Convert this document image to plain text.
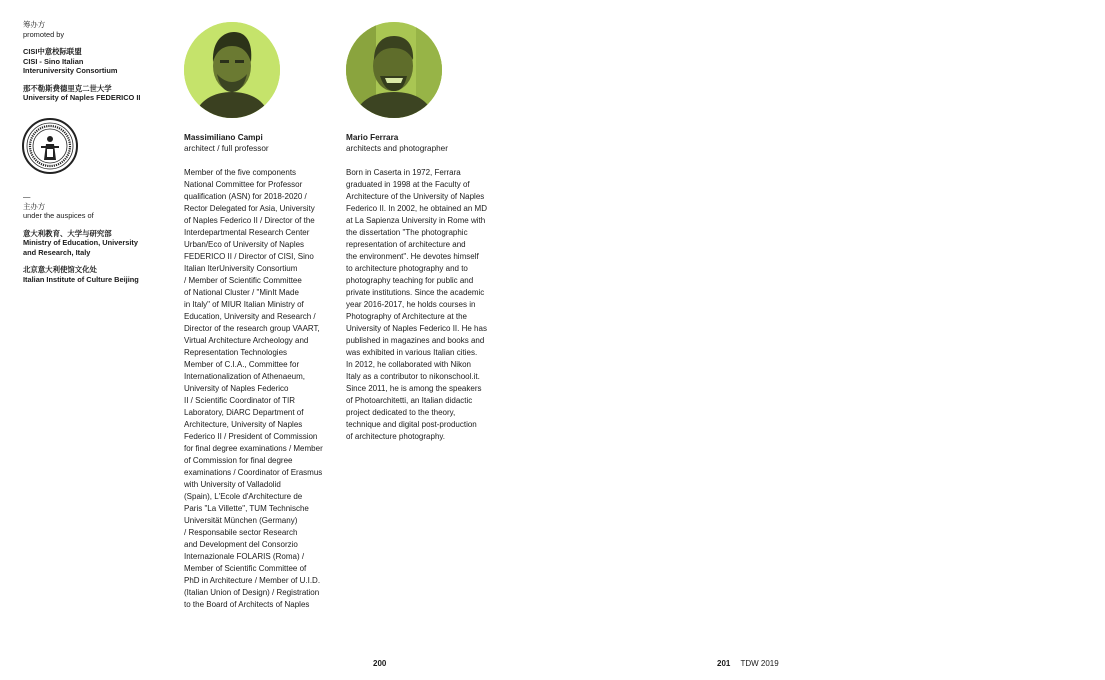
筹办方
promoted by
CISI中意校际联盟
CISI - Sino Italian
Interuniversity Consortium
那不勒斯费德里克二世大学
University of Naples FEDERICO II
—
主办方
under the auspices of
意大利教育、大学与研究部
Ministry of Education, University
and Research, Italy
北京意大利使馆文化处
Italian Institute of Culture Beijing
Massimiliano Campi
architect / full professor
Member of the five components
National Committee for Professor
qualification (ASN) for 2018-2020 /
Rector Delegated for Asia, University
of Naples Federico II / Director of the
Interdepartmental Research Center
Urban/Eco of University of Naples
FEDERICO II / Director of CISI, Sino
Italian IterUniversity Consortium
/ Member of Scientific Committee
of National Cluster / "MinIt Made
in Italy" of MIUR Italian Ministry of
Education, University and Research /
Director of the research group VAART,
Virtual Architecture Archeology and
Representation Technologies
Member of C.I.A., Committee for
Internationalization of Athenaeum,
University of Naples Federico
II / Scientific Coordinator of TIR
Laboratory, DiARC Department of
Architecture, University of Naples
Federico II / President of Commission
for final degree examinations / Member
of Commission for final degree
examinations / Coordinator of Erasmus
with University of Valladolid
(Spain), L'Ecole d'Architecture de
Paris "La Villette", TUM Technische
Universität München (Germany)
/ Responsabile sector Research
and Development del Consorzio
Internazionale FOLARIS (Roma) /
Member of Scientific Committee of
PhD in Architecture / Member of U.I.D.
(Italian Union of Design) / Registration
to the Board of Architects of Naples
Mario Ferrara
architects and photographer
Born in Caserta in 1972, Ferrara
graduated in 1998 at the Faculty of
Architecture of the University of Naples
Federico II. In 2002, he obtained an MD
at La Sapienza University in Rome with
the dissertation "The photographic
representation of architecture and
the environment". He devotes himself
to architecture photography and to
photography teaching for public and
private institutions. Since the academic
year 2016-2017, he holds courses in
Photography of Architecture at the
University of Naples Federico II. He has
published in magazines and books and
was exhibited in various Italian cities.
In 2012, he collaborated with Nikon
Italy as a contributor to nikonschool.it.
Since 2011, he is among the speakers
of Photoarchitetti, an Italian didactic
project dedicated to the theory,
technique and digital post-production
of architecture photography.
200	201 TDW 2019
